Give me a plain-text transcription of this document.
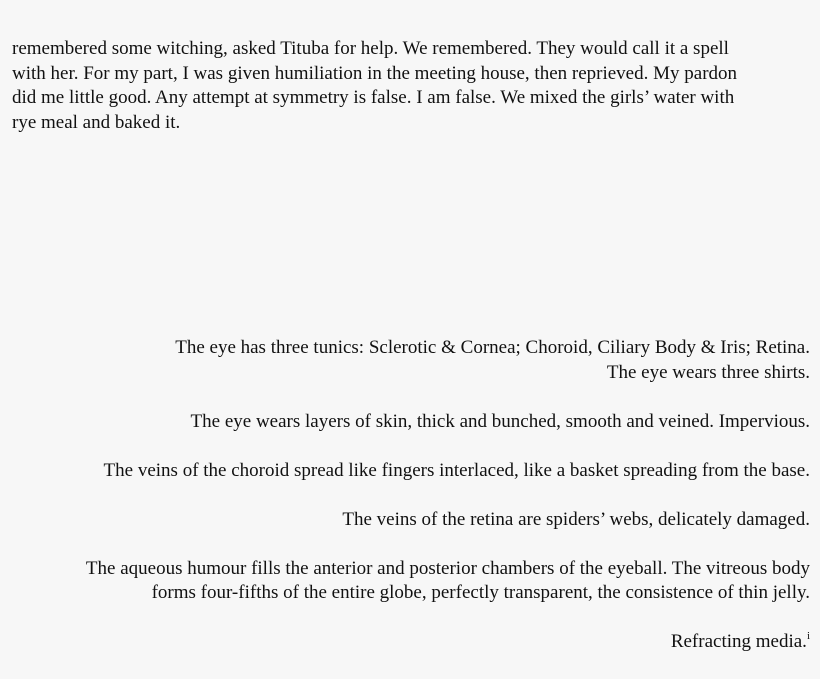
remembered some witching, asked Tituba for help. We remembered. They would call it a spell
with her. For my part, I was given humiliation in the meeting house, then reprieved. My pardon
did me little good. Any attempt at symmetry is false. I am false. We mixed the girls’ water with
rye meal and baked it.
The eye has three tunics: Sclerotic & Cornea; Choroid, Ciliary Body & Iris; Retina.
The eye wears three shirts.
The eye wears layers of skin, thick and bunched, smooth and veined. Impervious.
The veins of the choroid spread like fingers interlaced, like a basket spreading from the base.
The veins of the retina are spiders’ webs, delicately damaged.
The aqueous humour fills the anterior and posterior chambers of the eyeball. The vitreous body
forms four-fifths of the entire globe, perfectly transparent, the consistence of thin jelly.
Refracting media.$^i$
